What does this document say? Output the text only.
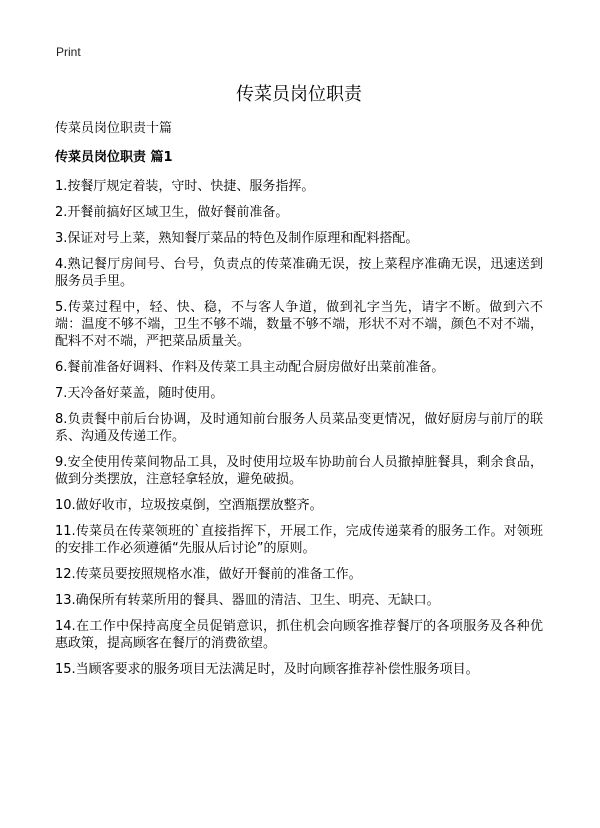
Print
传菜员岗位职责

传菜员岗位职责十篇

传菜员岗位职责 篇1
1.按餐厅规定着装，守时、快捷、服务指挥。
2.开餐前搞好区域卫生，做好餐前准备。
3.保证对号上菜，熟知餐厅菜品的特色及制作原理和配料搭配。
4.熟记餐厅房间号、台号，负责点的传菜准确无误，按上菜程序准确无误，迅速送到服务员手里。
5.传菜过程中，轻、快、稳，不与客人争道，做到礼字当先，请字不断。做到六不端：温度不够不端，卫生不够不端，数量不够不端，形状不对不端，颜色不对不端，配料不对不端，严把菜品质量关。
6.餐前准备好调料、作料及传菜工具主动配合厨房做好出菜前准备。
7.天冷备好菜盖，随时使用。
8.负责餐中前后台协调，及时通知前台服务人员菜品变更情况，做好厨房与前厅的联系、沟通及传递工作。
9.安全使用传菜间物品工具，及时使用垃圾车协助前台人员撤掉脏餐具，剩余食品，做到分类摆放，注意轻拿轻放，避免破损。
10.做好收市，垃圾按桌倒，空酒瓶摆放整齐。
11.传菜员在传菜领班的`直接指挥下，开展工作，完成传递菜肴的服务工作。对领班的安排工作必须遵循“先服从后讨论”的原则。
12.传菜员要按照规格水准，做好开餐前的准备工作。
13.确保所有转菜所用的餐具、器皿的清洁、卫生、明亮、无缺口。
14.在工作中保持高度全员促销意识，抓住机会向顾客推荐餐厅的各项服务及各种优惠政策，提高顾客在餐厅的消费欲望。
15.当顾客要求的服务项目无法满足时，及时向顾客推荐补偿性服务项目。
